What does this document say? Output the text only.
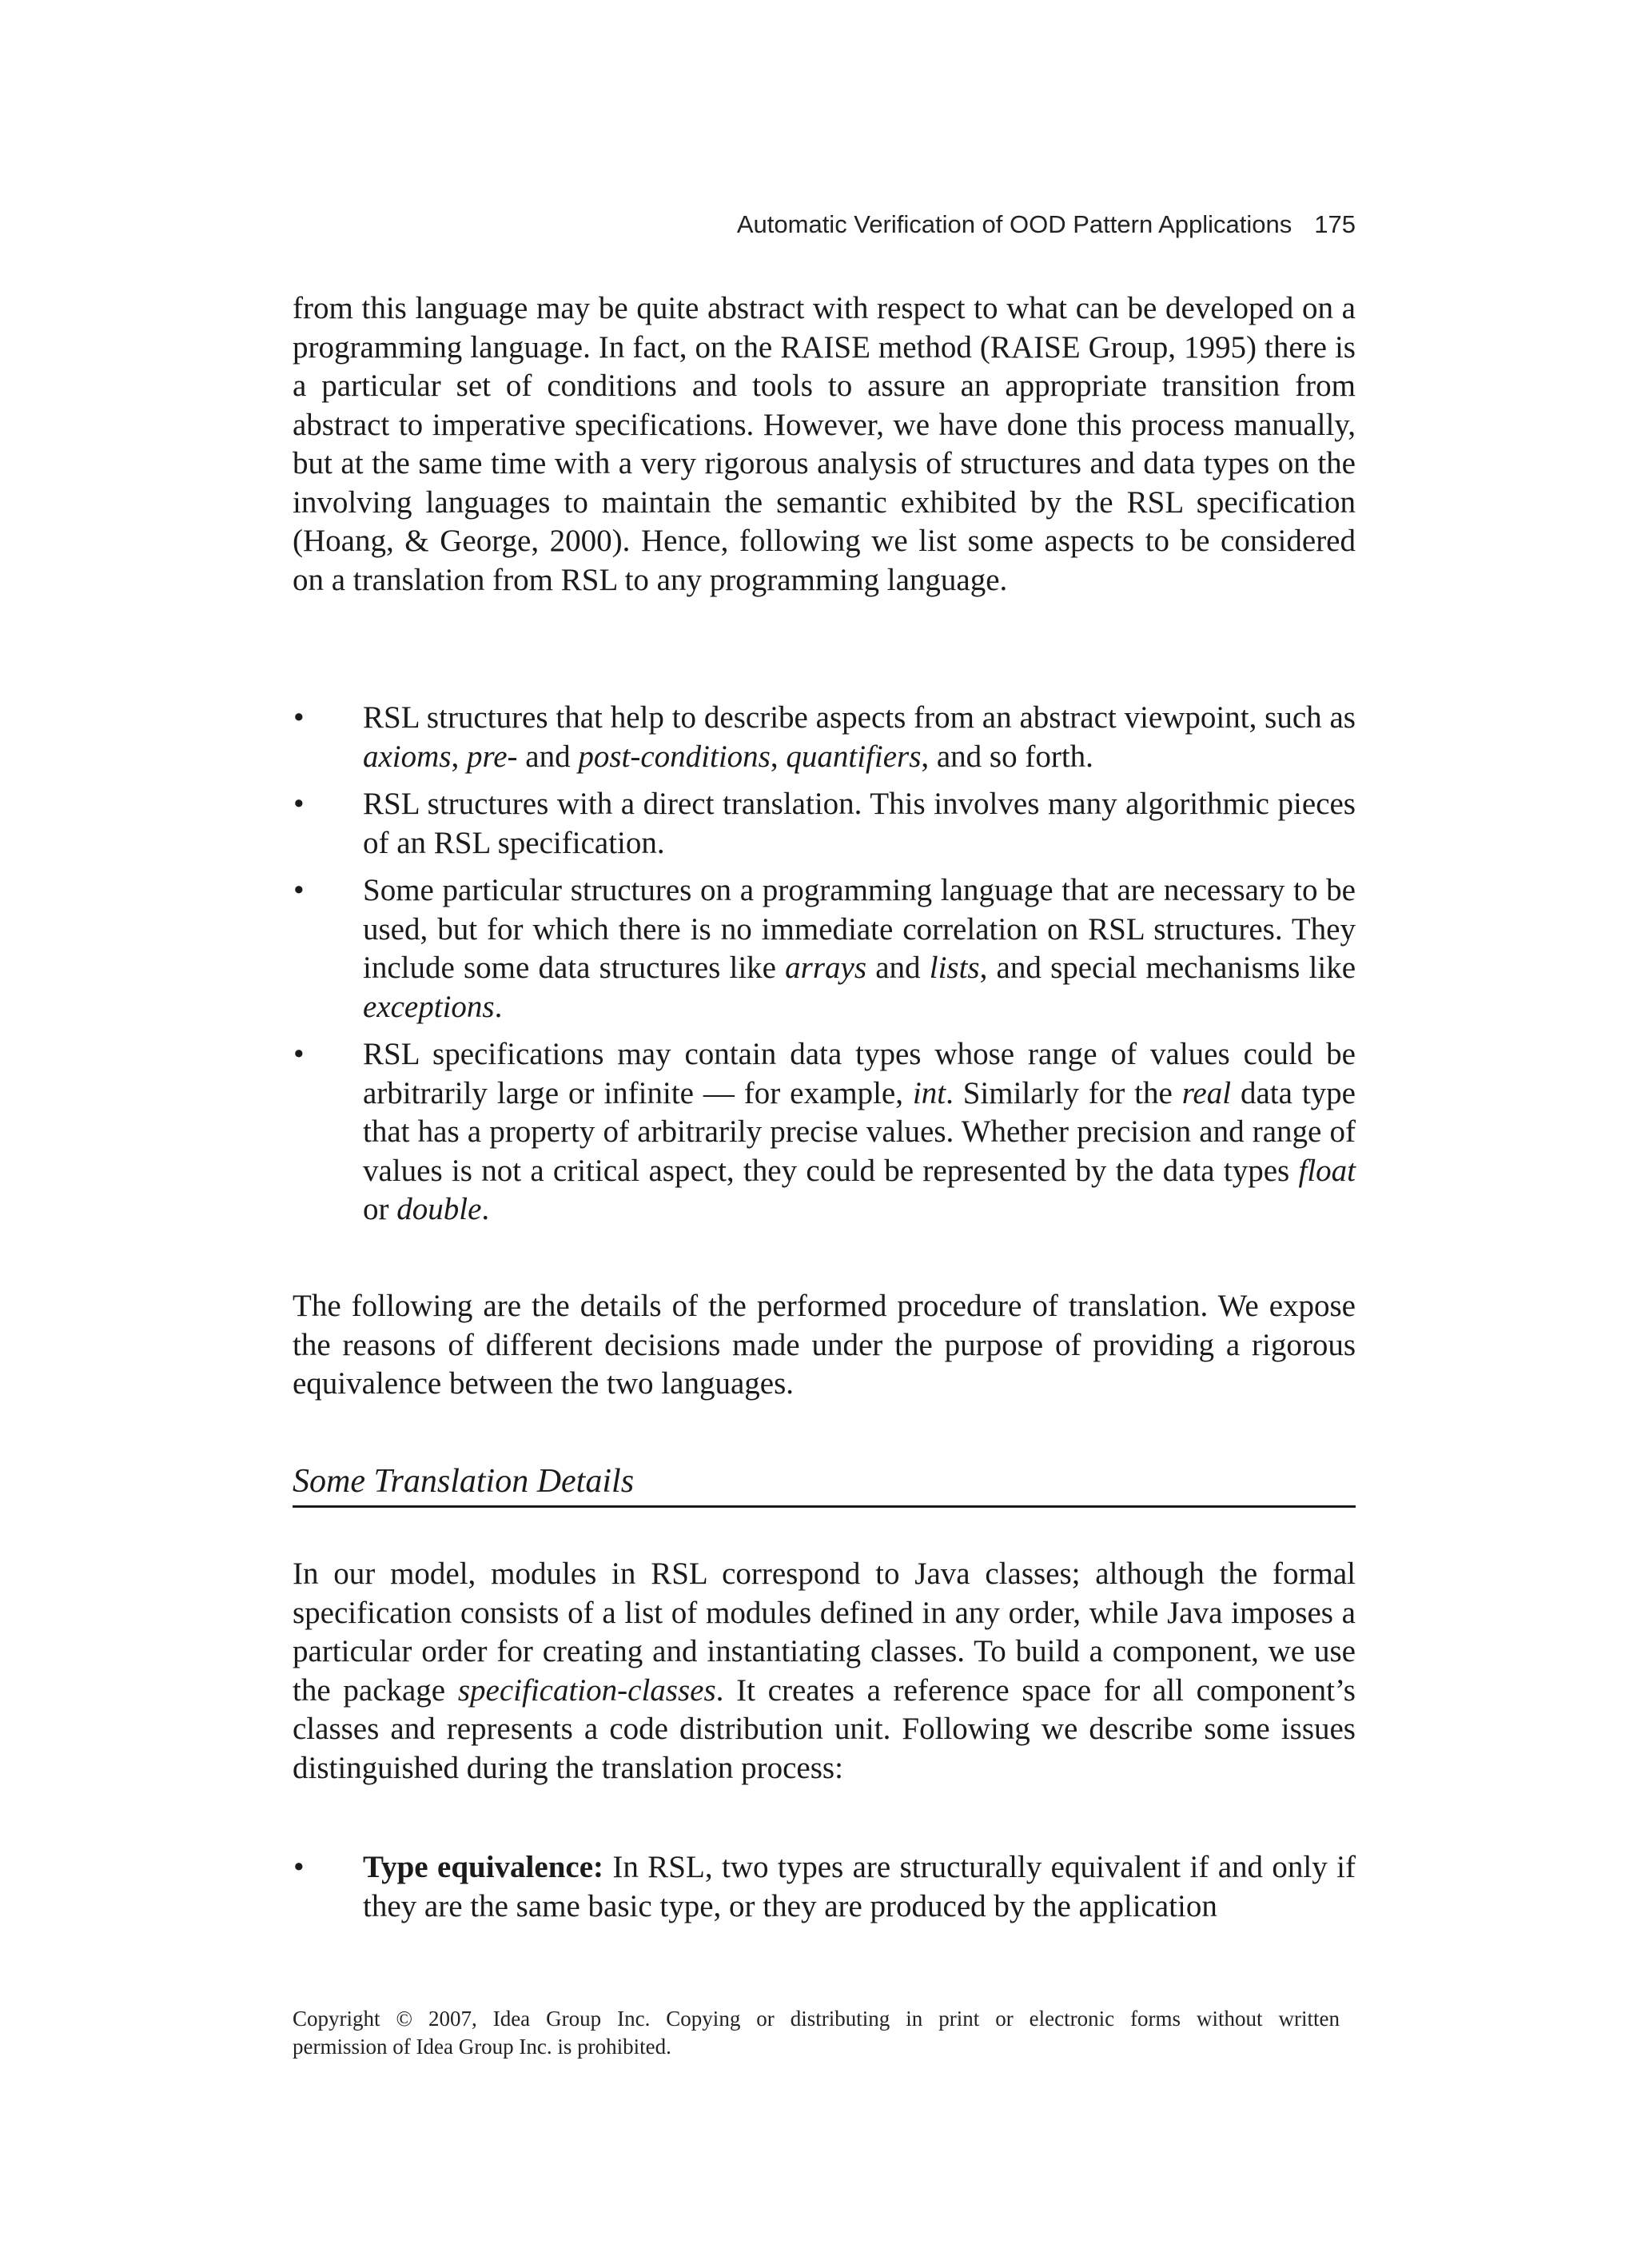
Automatic Verification of OOD Pattern Applications 175

from this language may be quite abstract with respect to what can be developed on a programming language. In fact, on the RAISE method (RAISE Group, 1995) there is a particular set of conditions and tools to assure an appropriate transition from abstract to imperative specifications. However, we have done this process manually, but at the same time with a very rigorous analysis of structures and data types on the involving languages to maintain the semantic exhibited by the RSL specification (Hoang, & George, 2000). Hence, following we list some aspects to be considered on a translation from RSL to any programming language.

• RSL structures that help to describe aspects from an abstract viewpoint, such as axioms, pre- and post-conditions, quantifiers, and so forth.
• RSL structures with a direct translation. This involves many algorithmic pieces of an RSL specification.
• Some particular structures on a programming language that are necessary to be used, but for which there is no immediate correlation on RSL structures. They include some data structures like arrays and lists, and special mechanisms like exceptions.
• RSL specifications may contain data types whose range of values could be arbitrarily large or infinite — for example, int. Similarly for the real data type that has a property of arbitrarily precise values. Whether precision and range of values is not a critical aspect, they could be represented by the data types float or double.

The following are the details of the performed procedure of translation. We expose the reasons of different decisions made under the purpose of providing a rigorous equivalence between the two languages.

Some Translation Details

In our model, modules in RSL correspond to Java classes; although the formal specification consists of a list of modules defined in any order, while Java imposes a particular order for creating and instantiating classes. To build a component, we use the package specification-classes. It creates a reference space for all component’s classes and represents a code distribution unit. Following we describe some issues distinguished during the translation process:

• Type equivalence: In RSL, two types are structurally equivalent if and only if they are the same basic type, or they are produced by the application
Copyright © 2007, Idea Group Inc. Copying or distributing in print or electronic forms without written
permission of Idea Group Inc. is prohibited.
